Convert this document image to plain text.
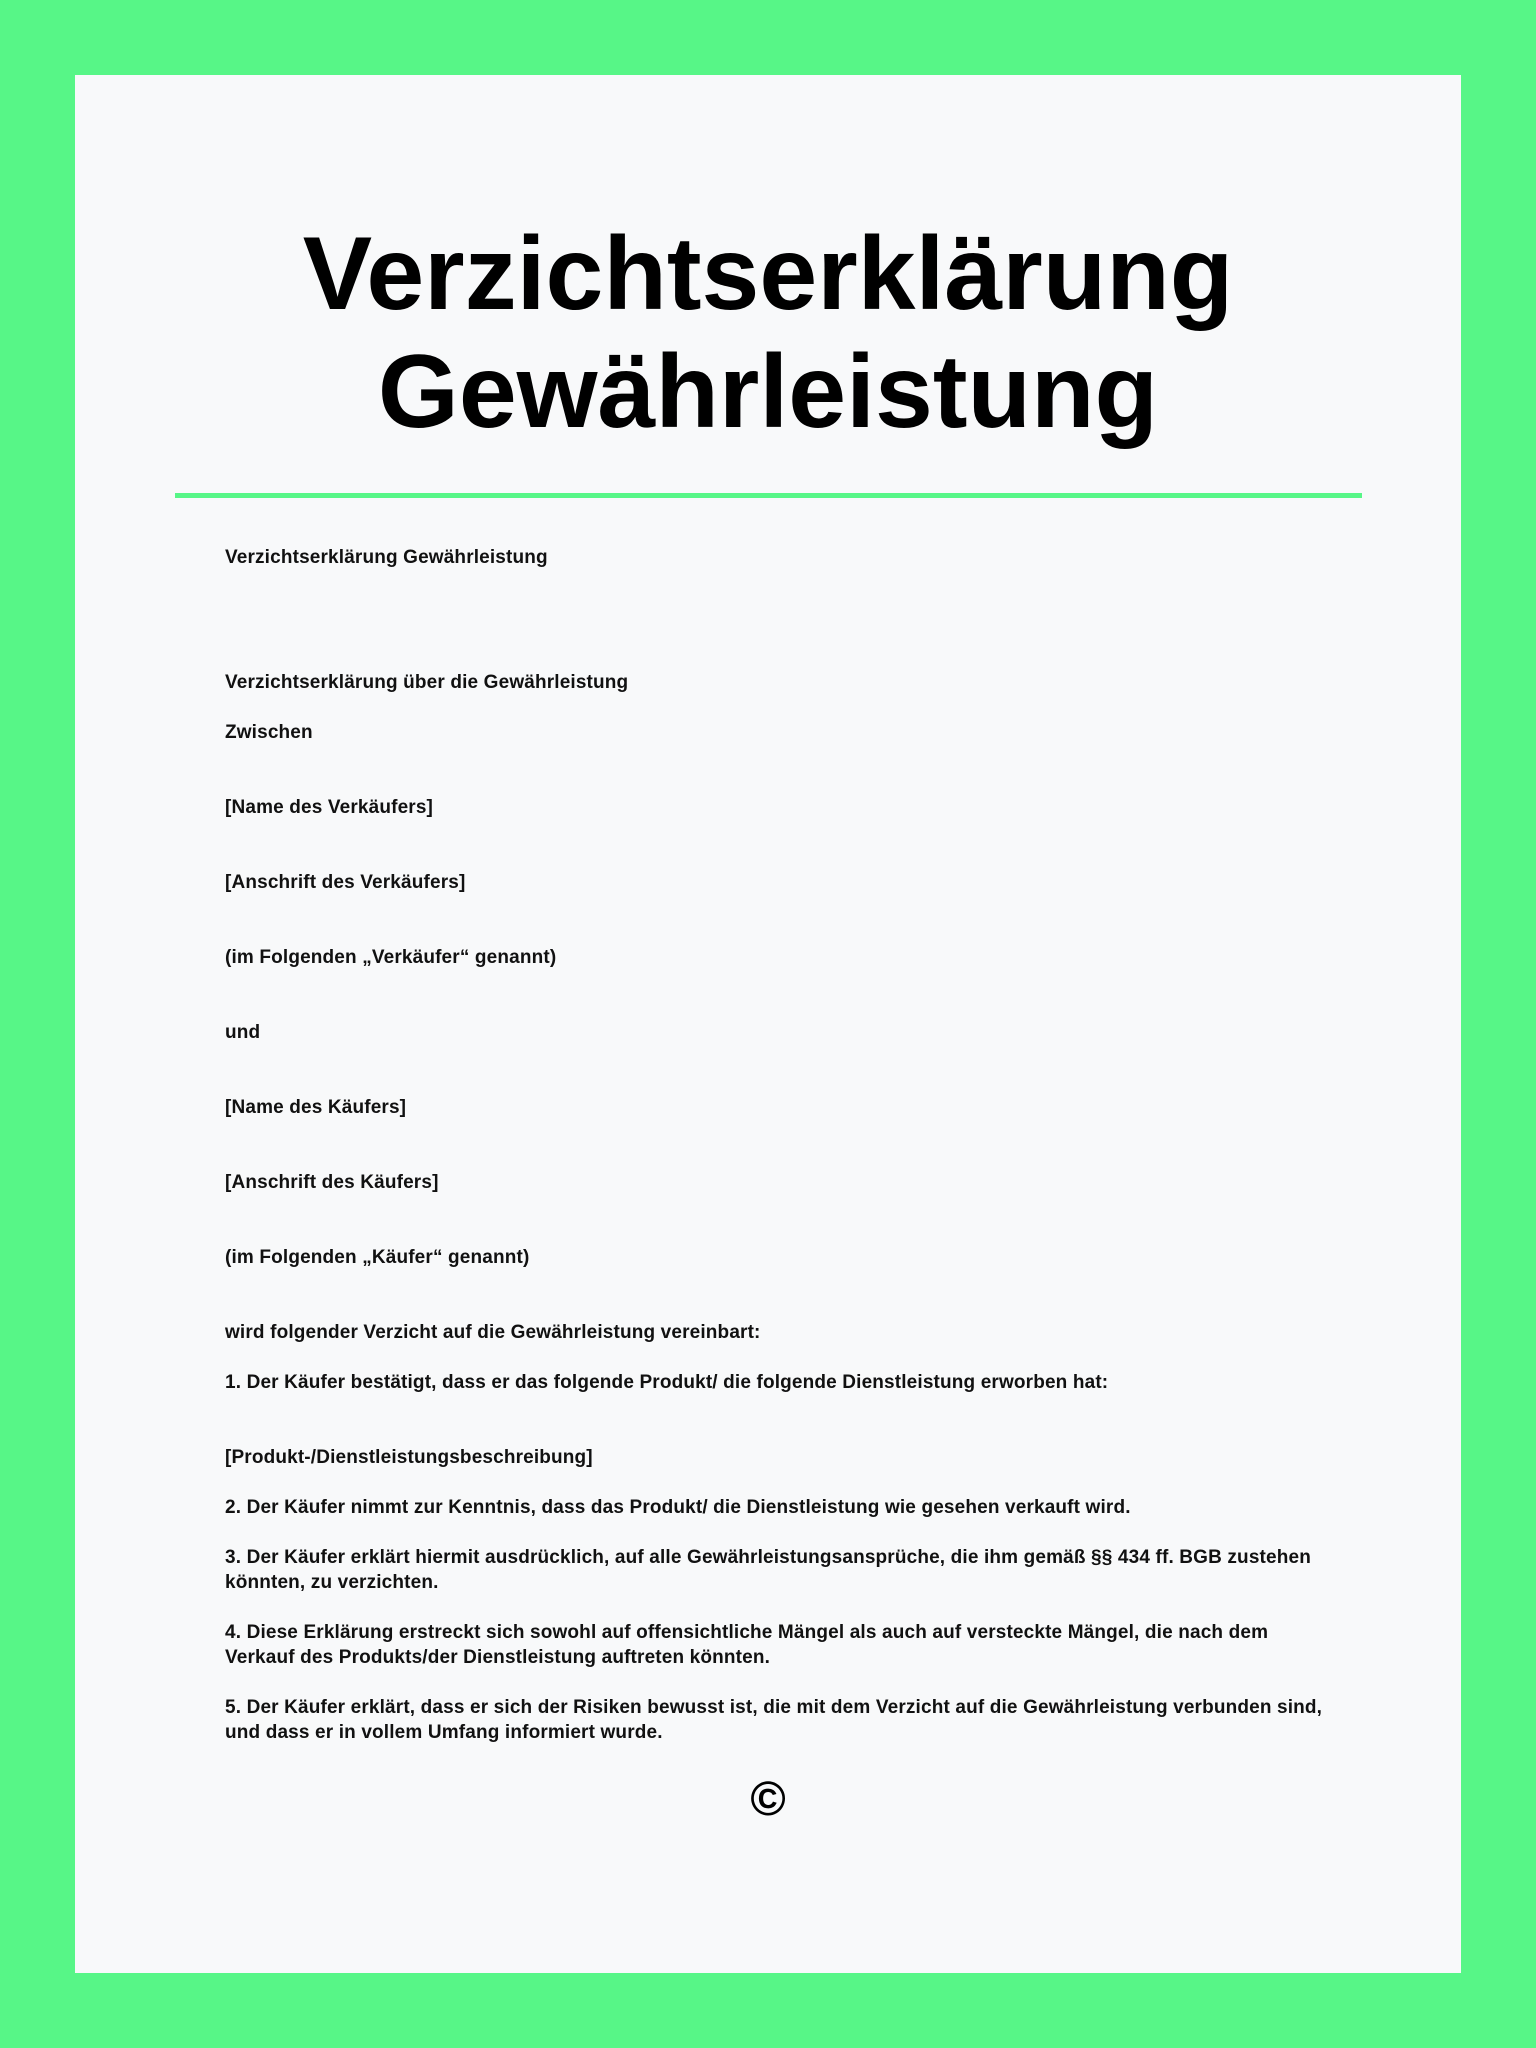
Verzichtserklärung
Gewährleistung

Verzichtserklärung Gewährleistung

Verzichtserklärung über die Gewährleistung

Zwischen

[Name des Verkäufers]

[Anschrift des Verkäufers]

(im Folgenden „Verkäufer“ genannt)

und

[Name des Käufers]

[Anschrift des Käufers]

(im Folgenden „Käufer“ genannt)

wird folgender Verzicht auf die Gewährleistung vereinbart:

1. Der Käufer bestätigt, dass er das folgende Produkt/ die folgende Dienstleistung erworben hat:

[Produkt-/Dienstleistungsbeschreibung]

2. Der Käufer nimmt zur Kenntnis, dass das Produkt/ die Dienstleistung wie gesehen verkauft wird.

3. Der Käufer erklärt hiermit ausdrücklich, auf alle Gewährleistungsansprüche, die ihm gemäß §§ 434 ff. BGB zustehen könnten, zu verzichten.

4. Diese Erklärung erstreckt sich sowohl auf offensichtliche Mängel als auch auf versteckte Mängel, die nach dem Verkauf des Produkts/der Dienstleistung auftreten könnten.

5. Der Käufer erklärt, dass er sich der Risiken bewusst ist, die mit dem Verzicht auf die Gewährleistung verbunden sind, und dass er in vollem Umfang informiert wurde.

©
